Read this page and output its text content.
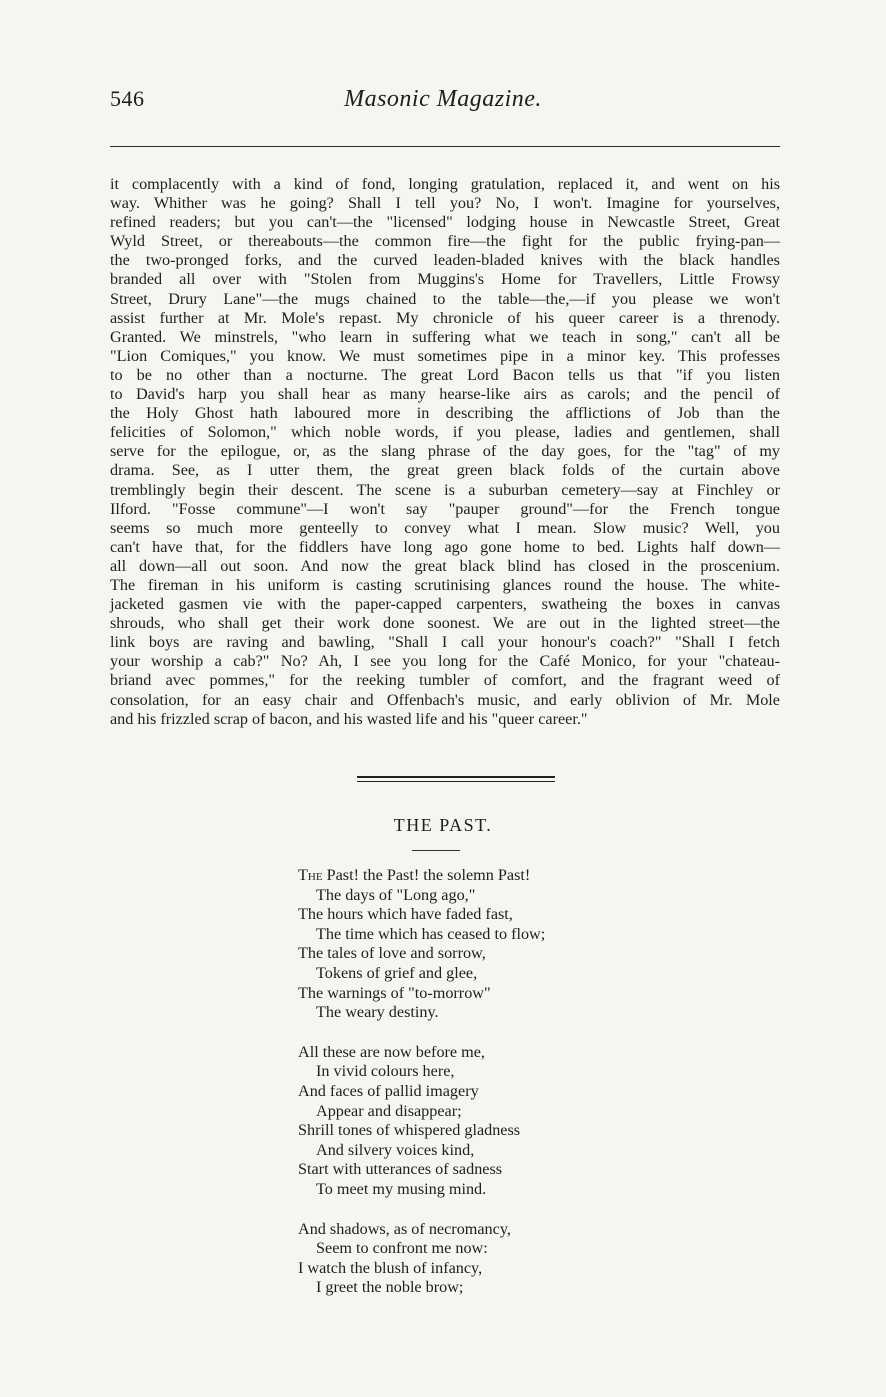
546	Masonic Magazine.
it complacently with a kind of fond, longing gratulation, replaced it, and went on his
way. Whither was he going? Shall I tell you? No, I won't. Imagine for yourselves,
refined readers; but you can't—the "licensed" lodging house in Newcastle Street, Great
Wyld Street, or thereabouts—the common fire—the fight for the public frying-pan—
the two-pronged forks, and the curved leaden-bladed knives with the black handles
branded all over with "Stolen from Muggins's Home for Travellers, Little Frowsy
Street, Drury Lane"—the mugs chained to the table—the,—if you please we won't
assist further at Mr. Mole's repast. My chronicle of his queer career is a threnody.
Granted. We minstrels, "who learn in suffering what we teach in song," can't all be
"Lion Comiques," you know. We must sometimes pipe in a minor key. This professes
to be no other than a nocturne. The great Lord Bacon tells us that "if you listen
to David's harp you shall hear as many hearse-like airs as carols; and the pencil of
the Holy Ghost hath laboured more in describing the afflictions of Job than the
felicities of Solomon," which noble words, if you please, ladies and gentlemen, shall
serve for the epilogue, or, as the slang phrase of the day goes, for the "tag" of my
drama. See, as I utter them, the great green black folds of the curtain above
tremblingly begin their descent. The scene is a suburban cemetery—say at Finchley or
Ilford. "Fosse commune"—I won't say "pauper ground"—for the French tongue
seems so much more genteelly to convey what I mean. Slow music? Well, you
can't have that, for the fiddlers have long ago gone home to bed. Lights half down—
all down—all out soon. And now the great black blind has closed in the proscenium.
The fireman in his uniform is casting scrutinising glances round the house. The white-
jacketed gasmen vie with the paper-capped carpenters, swatheing the boxes in canvas
shrouds, who shall get their work done soonest. We are out in the lighted street—the
link boys are raving and bawling, "Shall I call your honour's coach?" "Shall I fetch
your worship a cab?" No? Ah, I see you long for the Café Monico, for your "chateau-
briand avec pommes," for the reeking tumbler of comfort, and the fragrant weed of
consolation, for an easy chair and Offenbach's music, and early oblivion of Mr. Mole
and his frizzled scrap of bacon, and his wasted life and his "queer career."
THE PAST.
The Past! the Past! the solemn Past!
The days of "Long ago,"
The hours which have faded fast,
The time which has ceased to flow;
The tales of love and sorrow,
Tokens of grief and glee,
The warnings of "to-morrow"
The weary destiny.
All these are now before me,
In vivid colours here,
And faces of pallid imagery
Appear and disappear;
Shrill tones of whispered gladness
And silvery voices kind,
Start with utterances of sadness
To meet my musing mind.
And shadows, as of necromancy,
Seem to confront me now:
I watch the blush of infancy,
I greet the noble brow;
